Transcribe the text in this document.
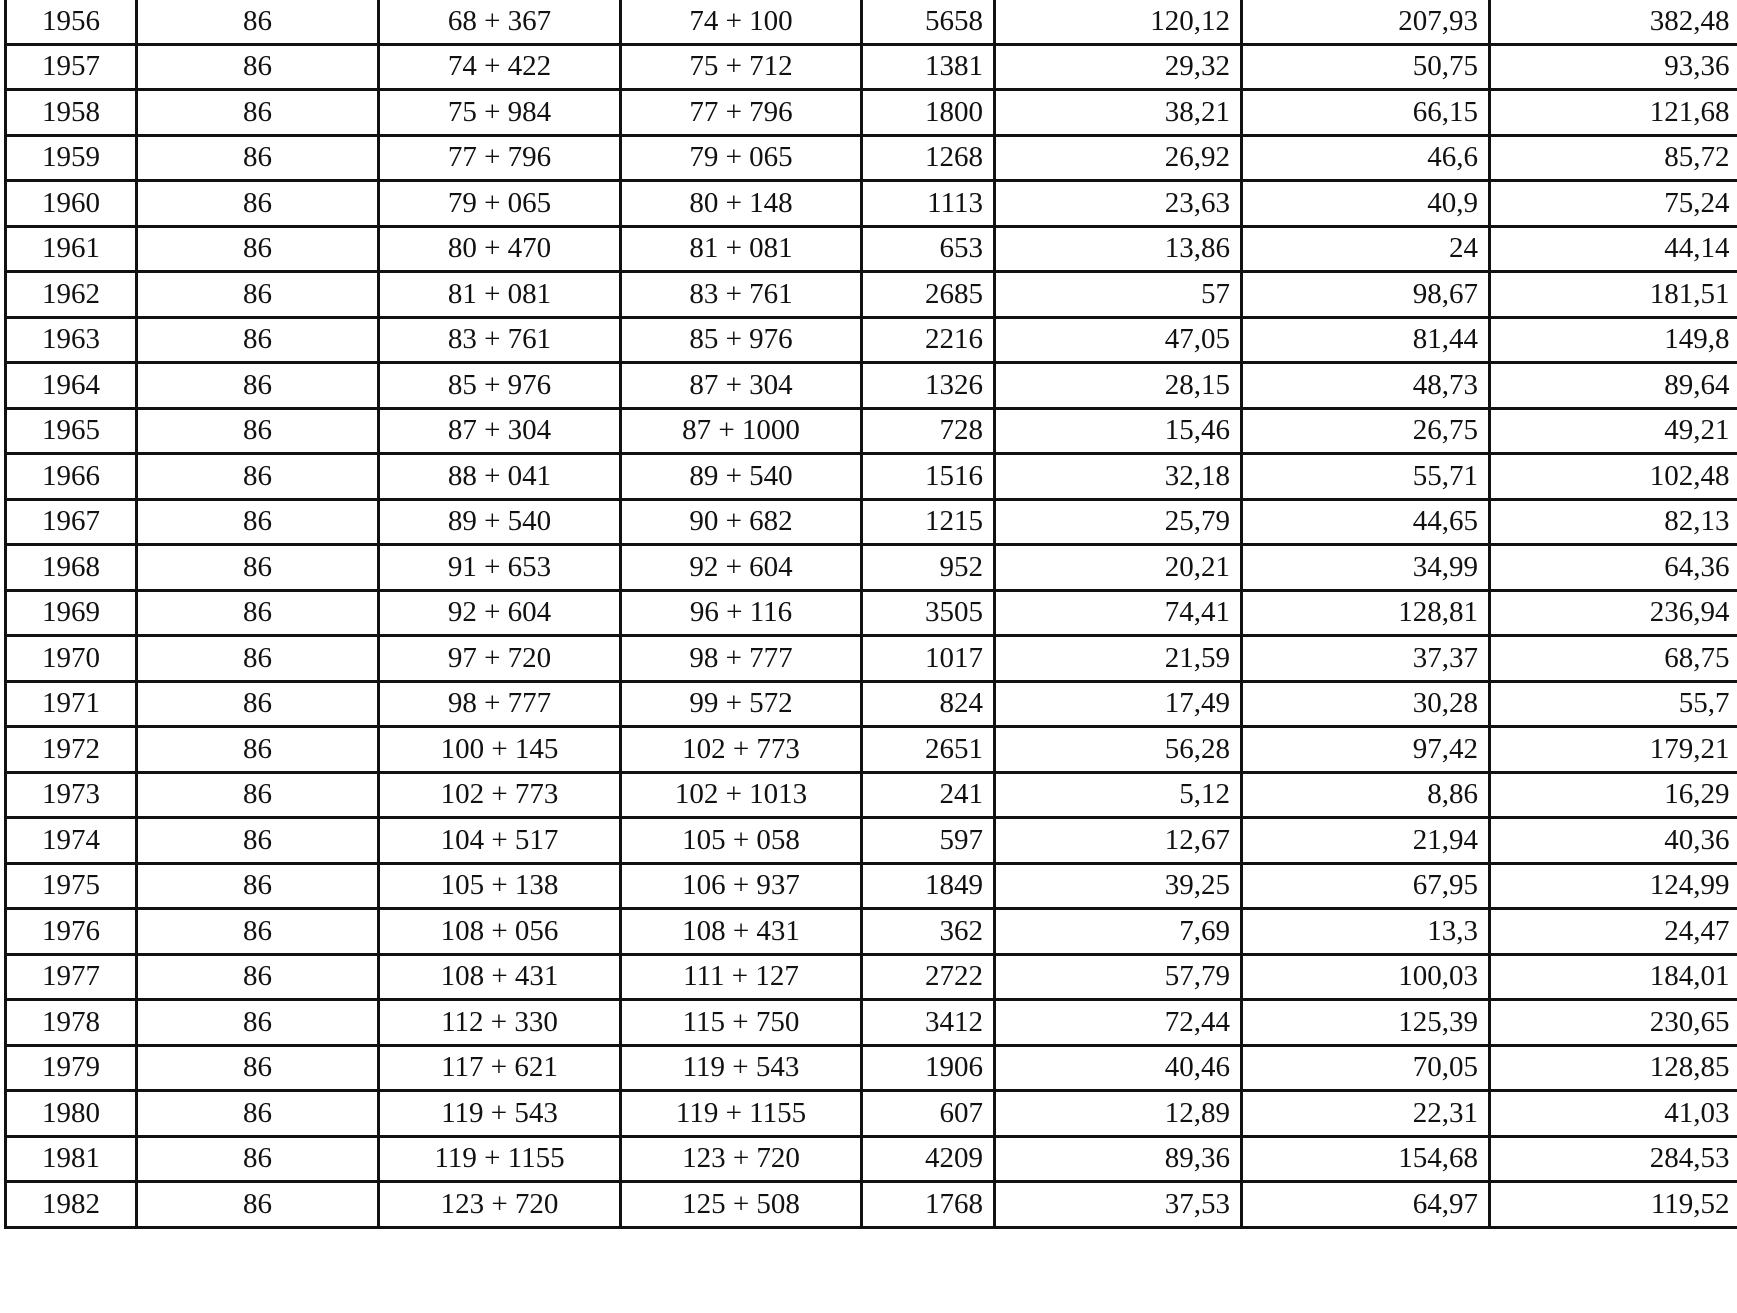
1956	86	68 + 367	74 + 100	5658	120,12	207,93	382,48
1957	86	74 + 422	75 + 712	1381	29,32	50,75	93,36
1958	86	75 + 984	77 + 796	1800	38,21	66,15	121,68
1959	86	77 + 796	79 + 065	1268	26,92	46,6	85,72
1960	86	79 + 065	80 + 148	1113	23,63	40,9	75,24
1961	86	80 + 470	81 + 081	653	13,86	24	44,14
1962	86	81 + 081	83 + 761	2685	57	98,67	181,51
1963	86	83 + 761	85 + 976	2216	47,05	81,44	149,8
1964	86	85 + 976	87 + 304	1326	28,15	48,73	89,64
1965	86	87 + 304	87 + 1000	728	15,46	26,75	49,21
1966	86	88 + 041	89 + 540	1516	32,18	55,71	102,48
1967	86	89 + 540	90 + 682	1215	25,79	44,65	82,13
1968	86	91 + 653	92 + 604	952	20,21	34,99	64,36
1969	86	92 + 604	96 + 116	3505	74,41	128,81	236,94
1970	86	97 + 720	98 + 777	1017	21,59	37,37	68,75
1971	86	98 + 777	99 + 572	824	17,49	30,28	55,7
1972	86	100 + 145	102 + 773	2651	56,28	97,42	179,21
1973	86	102 + 773	102 + 1013	241	5,12	8,86	16,29
1974	86	104 + 517	105 + 058	597	12,67	21,94	40,36
1975	86	105 + 138	106 + 937	1849	39,25	67,95	124,99
1976	86	108 + 056	108 + 431	362	7,69	13,3	24,47
1977	86	108 + 431	111 + 127	2722	57,79	100,03	184,01
1978	86	112 + 330	115 + 750	3412	72,44	125,39	230,65
1979	86	117 + 621	119 + 543	1906	40,46	70,05	128,85
1980	86	119 + 543	119 + 1155	607	12,89	22,31	41,03
1981	86	119 + 1155	123 + 720	4209	89,36	154,68	284,53
1982	86	123 + 720	125 + 508	1768	37,53	64,97	119,52
